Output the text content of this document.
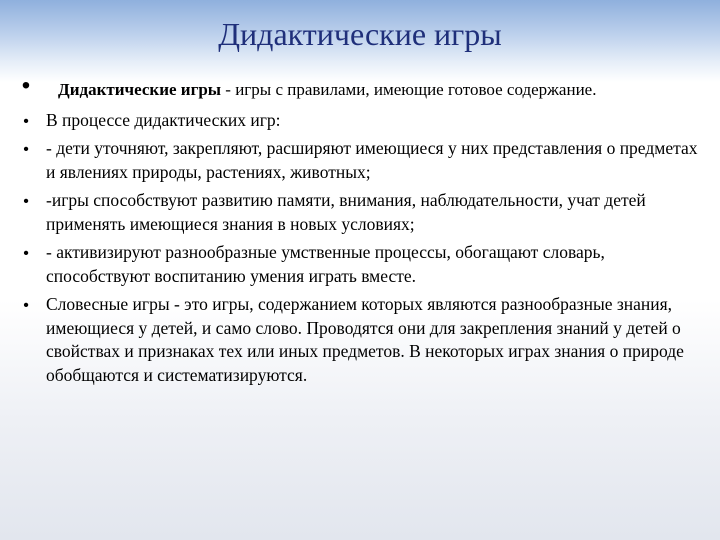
Дидактические игры
•	Дидактические игры - игры с правилами, имеющие готовое содержание.
• В процессе дидактических игр:
• - дети уточняют, закрепляют, расширяют имеющиеся у них представления о предметах и явлениях природы, растениях, животных;
• -игры способствуют развитию памяти, внимания, наблюдательности, учат детей применять имеющиеся знания в новых условиях;
• - активизируют разнообразные умственные процессы, обогащают словарь, способствуют воспитанию умения играть вместе.
• Словесные игры - это игры, содержанием которых являются разнообразные знания, имеющиеся у детей, и само слово. Проводятся они для закрепления знаний у детей о свойствах и признаках тех или иных предметов. В некоторых играх знания о природе обобщаются и систематизируются.
